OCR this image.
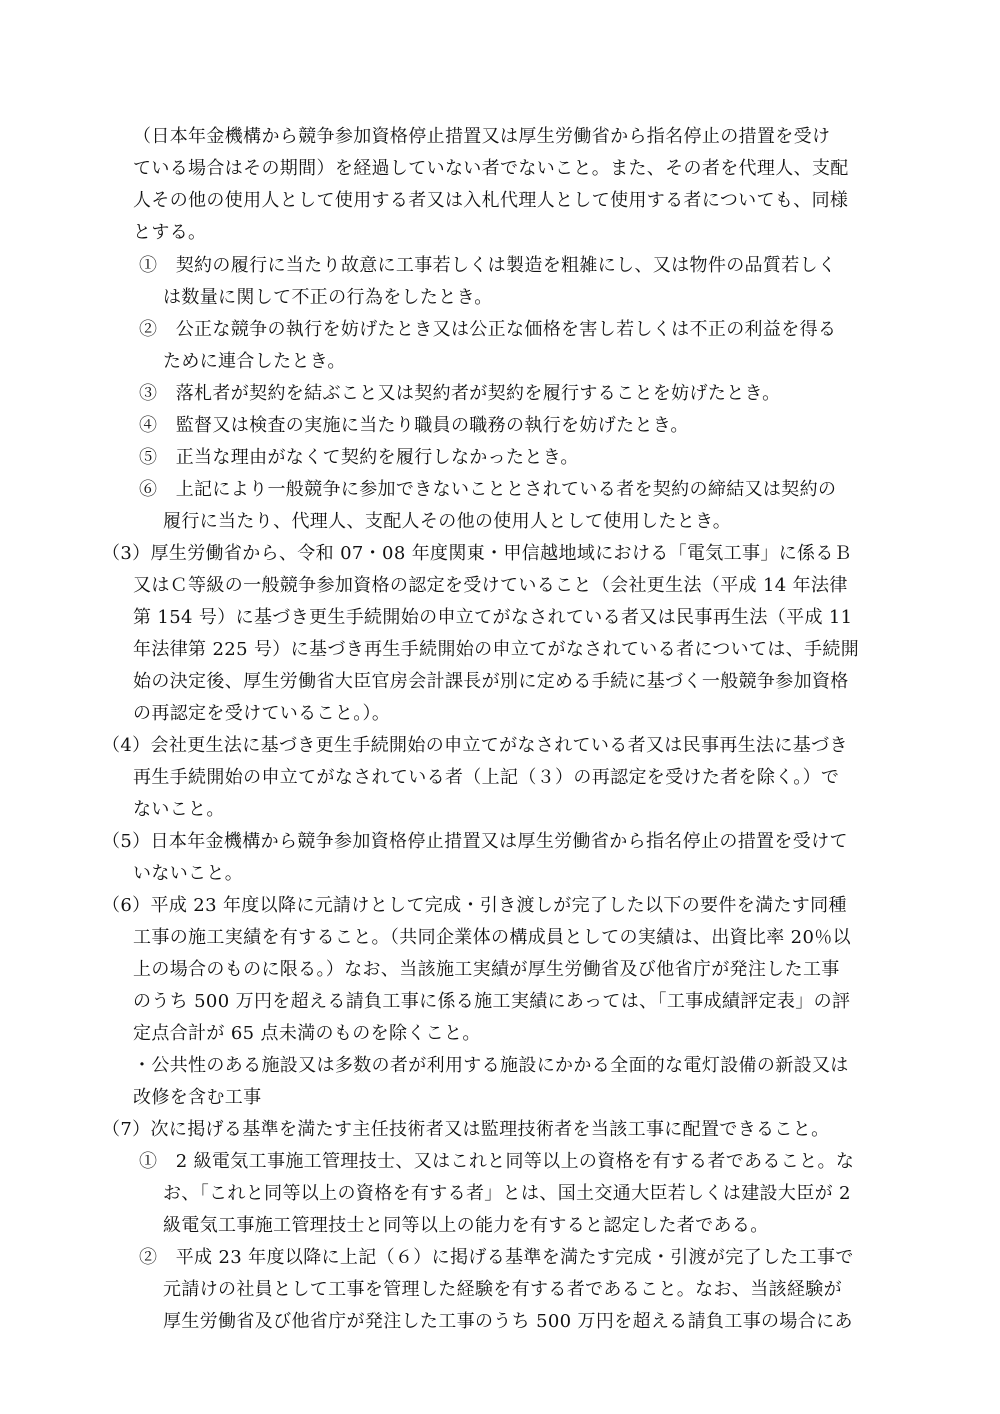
（日本年金機構から競争参加資格停止措置又は厚生労働省から指名停止の措置を受け
ている場合はその期間）を経過していない者でないこと。また、その者を代理人、支配
人その他の使用人として使用する者又は入札代理人として使用する者についても、同様
とする。
①　契約の履行に当たり故意に工事若しくは製造を粗雑にし、又は物件の品質若しく
は数量に関して不正の行為をしたとき。
②　公正な競争の執行を妨げたとき又は公正な価格を害し若しくは不正の利益を得る
ために連合したとき。
③　落札者が契約を結ぶこと又は契約者が契約を履行することを妨げたとき。
④　監督又は検査の実施に当たり職員の職務の執行を妨げたとき。
⑤　正当な理由がなくて契約を履行しなかったとき。
⑥　上記により一般競争に参加できないこととされている者を契約の締結又は契約の
履行に当たり、代理人、支配人その他の使用人として使用したとき。
（3）厚生労働省から、令和 07・08 年度関東・甲信越地域における「電気工事」に係るＢ
又はＣ等級の一般競争参加資格の認定を受けていること（会社更生法（平成 14 年法律
第 154 号）に基づき更生手続開始の申立てがなされている者又は民事再生法（平成 11
年法律第 225 号）に基づき再生手続開始の申立てがなされている者については、手続開
始の決定後、厚生労働省大臣官房会計課長が別に定める手続に基づく一般競争参加資格
の再認定を受けていること。）。
（4）会社更生法に基づき更生手続開始の申立てがなされている者又は民事再生法に基づき
再生手続開始の申立てがなされている者（上記（３）の再認定を受けた者を除く。）で
ないこと。
（5）日本年金機構から競争参加資格停止措置又は厚生労働省から指名停止の措置を受けて
いないこと。
（6）平成 23 年度以降に元請けとして完成・引き渡しが完了した以下の要件を満たす同種
工事の施工実績を有すること。（共同企業体の構成員としての実績は、出資比率 20％以
上の場合のものに限る。）なお、当該施工実績が厚生労働省及び他省庁が発注した工事
のうち 500 万円を超える請負工事に係る施工実績にあっては、「工事成績評定表」の評
定点合計が 65 点未満のものを除くこと。
・公共性のある施設又は多数の者が利用する施設にかかる全面的な電灯設備の新設又は
改修を含む工事
（7）次に掲げる基準を満たす主任技術者又は監理技術者を当該工事に配置できること。
①　2 級電気工事施工管理技士、又はこれと同等以上の資格を有する者であること。な
お、「これと同等以上の資格を有する者」とは、国土交通大臣若しくは建設大臣が 2
級電気工事施工管理技士と同等以上の能力を有すると認定した者である。
②　平成 23 年度以降に上記（６）に掲げる基準を満たす完成・引渡が完了した工事で
元請けの社員として工事を管理した経験を有する者であること。なお、当該経験が
厚生労働省及び他省庁が発注した工事のうち 500 万円を超える請負工事の場合にあ
